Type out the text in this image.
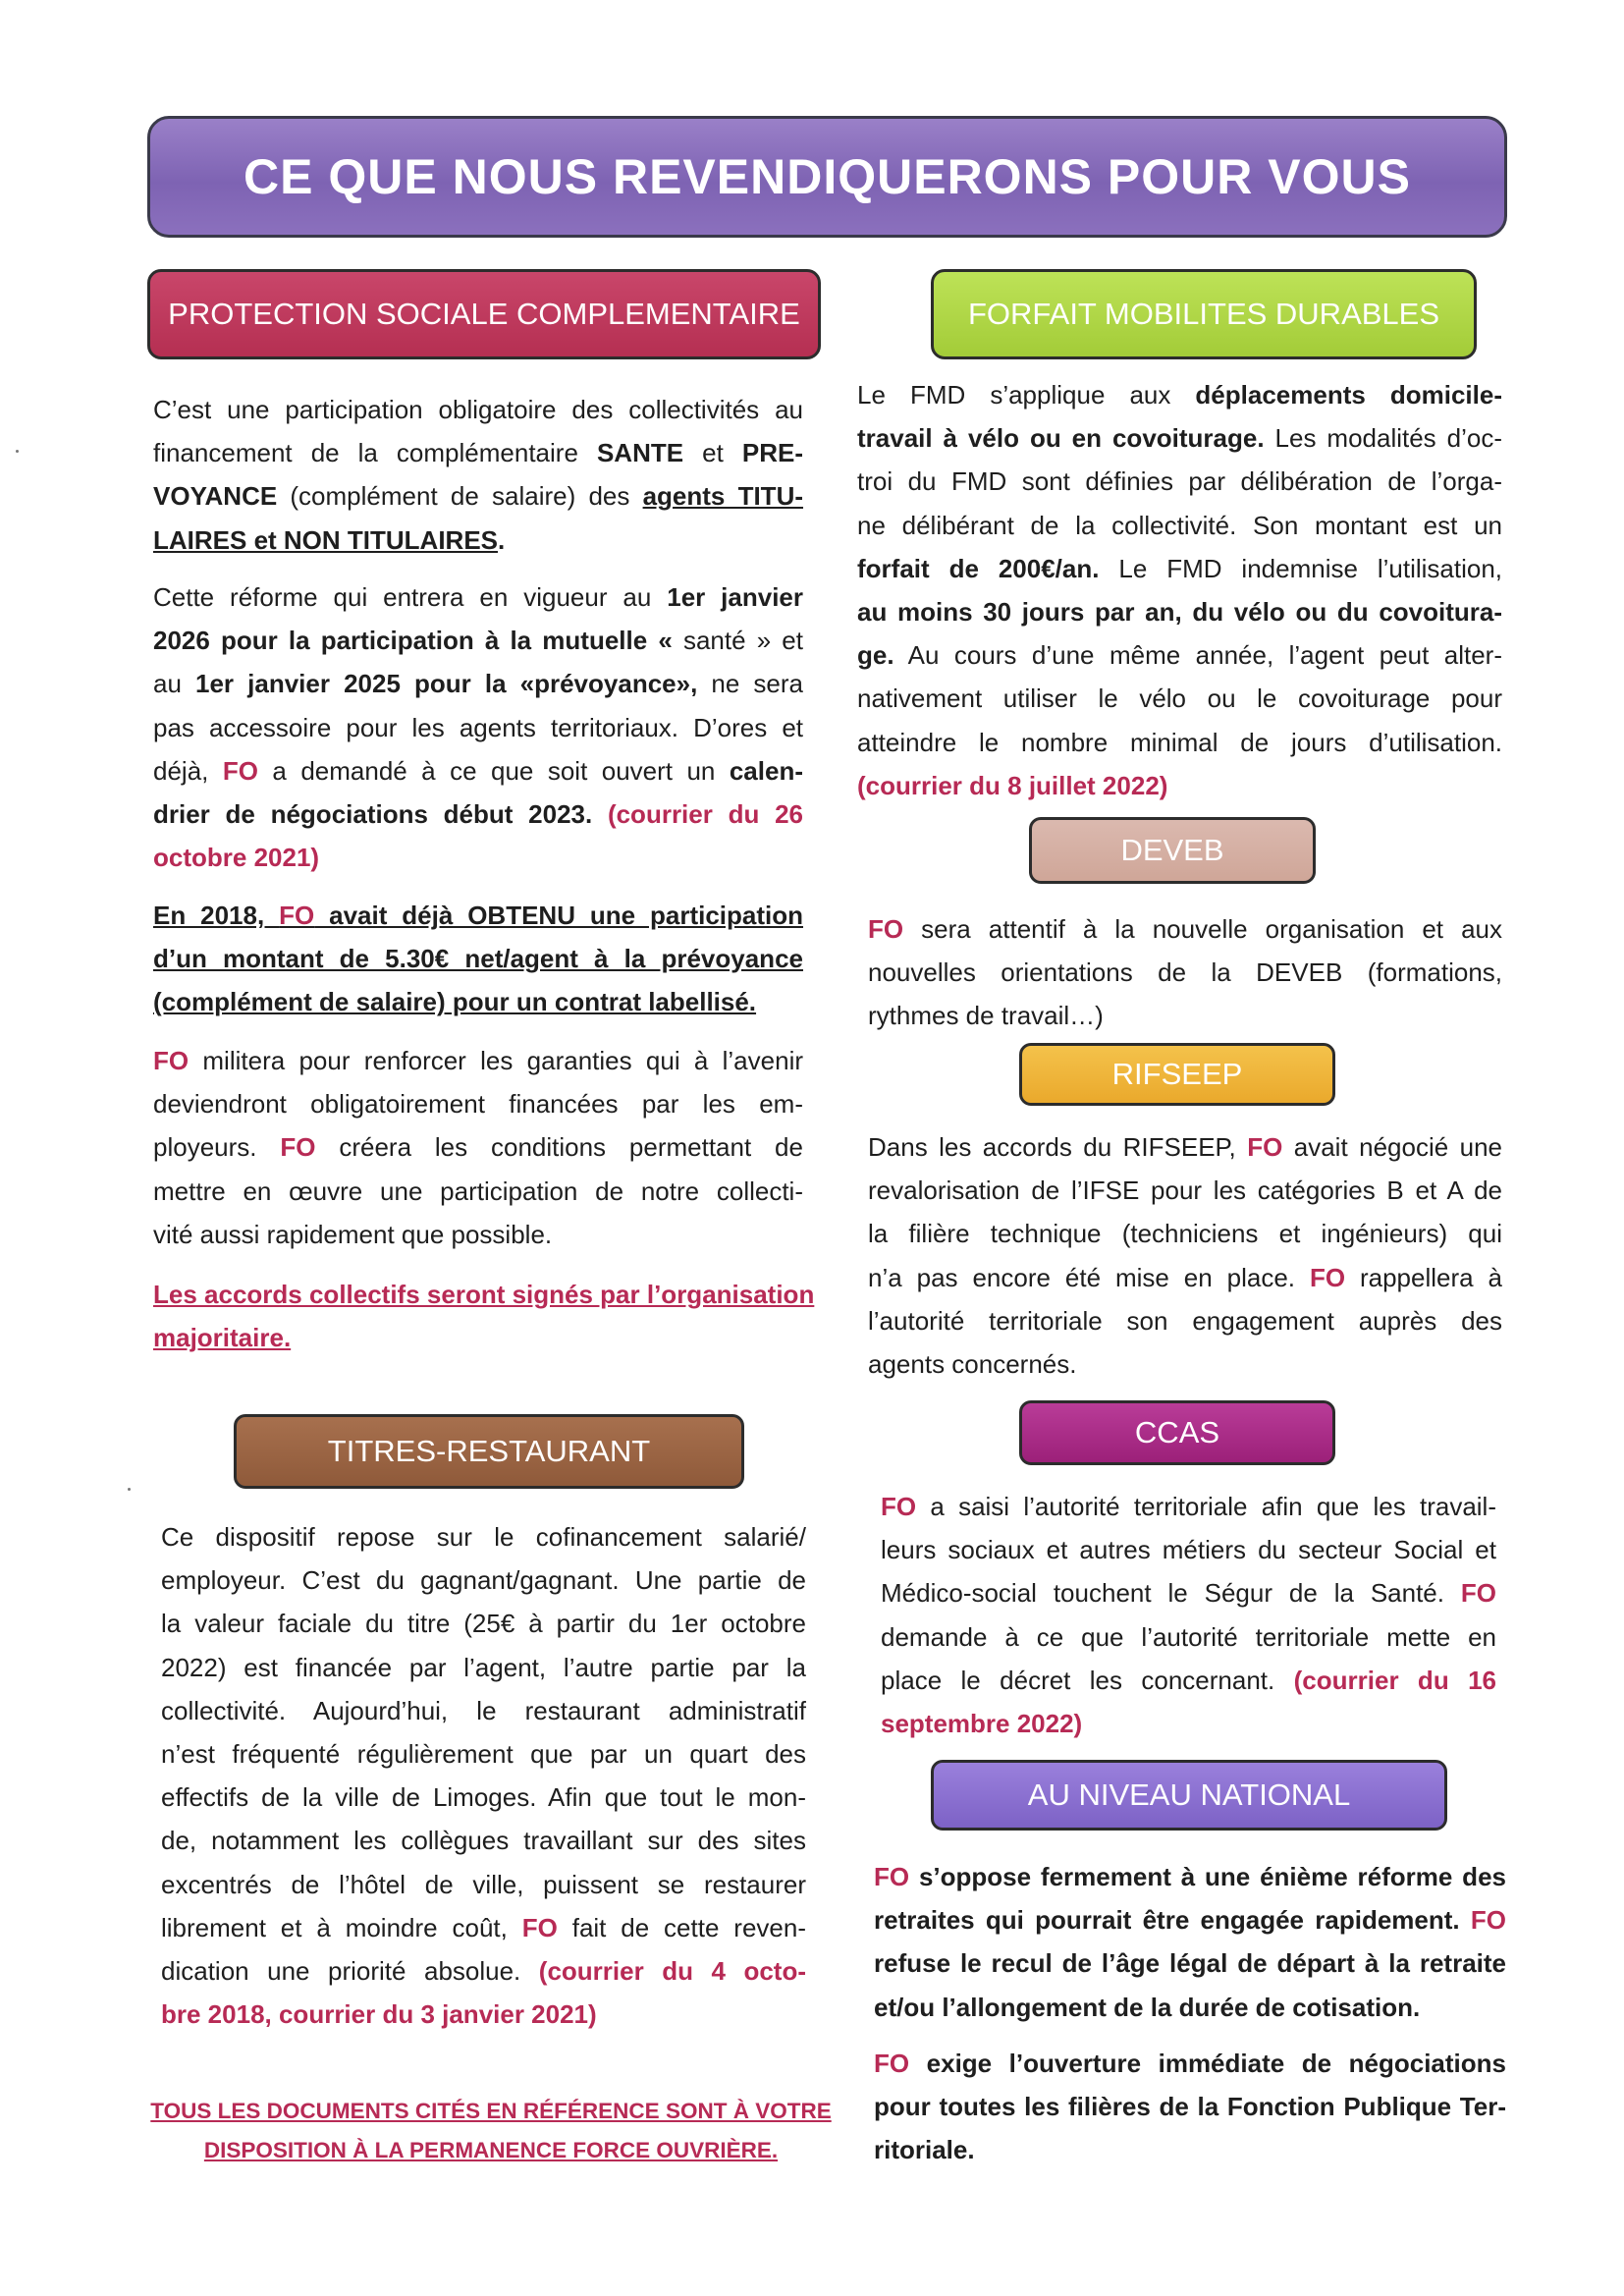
CE QUE NOUS REVENDIQUERONS POUR VOUS
PROTECTION SOCIALE COMPLEMENTAIRE
C’est une participation obligatoire des collectivités au
financement de la complémentaire SANTE et PRE-
VOYANCE (complément de salaire) des agents TITU-
LAIRES et NON TITULAIRES.
Cette réforme qui entrera en vigueur au 1er janvier
2026 pour la participation à la mutuelle « santé » et
au 1er janvier 2025 pour la «prévoyance», ne sera
pas accessoire pour les agents territoriaux. D’ores et
déjà, FO a demandé à ce que soit ouvert un calen-
drier de négociations début 2023. (courrier du 26
octobre 2021)
En 2018, FO avait déjà OBTENU une participation
d’un montant de 5.30€ net/agent à la prévoyance
(complément de salaire) pour un contrat labellisé.
FO militera pour renforcer les garanties qui à l’avenir
deviendront obligatoirement financées par les em-
ployeurs. FO créera les conditions permettant de
mettre en œuvre une participation de notre collecti-
vité aussi rapidement que possible.
Les accords collectifs seront signés par l’organisation
majoritaire.
TITRES-RESTAURANT
Ce dispositif repose sur le cofinancement salarié/
employeur. C’est du gagnant/gagnant. Une partie de
la valeur faciale du titre (25€ à partir du 1er octobre
2022) est financée par l’agent, l’autre partie par la
collectivité. Aujourd’hui, le restaurant administratif
n’est fréquenté régulièrement que par un quart des
effectifs de la ville de Limoges. Afin que tout le mon-
de, notamment les collègues travaillant sur des sites
excentrés de l’hôtel de ville, puissent se restaurer
librement et à moindre coût, FO fait de cette reven-
dication une priorité absolue. (courrier du 4 octo-
bre 2018, courrier du 3 janvier 2021)
TOUS LES DOCUMENTS CITÉS EN RÉFÉRENCE SONT À VOTRE
DISPOSITION À LA PERMANENCE FORCE OUVRIÈRE.
FORFAIT MOBILITES DURABLES
Le FMD s’applique aux déplacements domicile-
travail à vélo ou en covoiturage. Les modalités d’oc-
troi du FMD sont définies par délibération de l’orga-
ne délibérant de la collectivité. Son montant est un
forfait de 200€/an. Le FMD indemnise l’utilisation,
au moins 30 jours par an, du vélo ou du covoitura-
ge. Au cours d’une même année, l’agent peut alter-
nativement utiliser le vélo ou le covoiturage pour
atteindre le nombre minimal de jours d’utilisation.
(courrier du 8 juillet 2022)
DEVEB
FO sera attentif à la nouvelle organisation et aux
nouvelles orientations de la DEVEB (formations,
rythmes de travail…)
RIFSEEP
Dans les accords du RIFSEEP, FO avait négocié une
revalorisation de l’IFSE pour les catégories B et A de
la filière technique (techniciens et ingénieurs) qui
n’a pas encore été mise en place. FO rappellera à
l’autorité territoriale son engagement auprès des
agents concernés.
CCAS
FO a saisi l’autorité territoriale afin que les travail-
leurs sociaux et autres métiers du secteur Social et
Médico-social touchent le Ségur de la Santé. FO
demande à ce que l’autorité territoriale mette en
place le décret les concernant. (courrier du 16
septembre 2022)
AU NIVEAU NATIONAL
FO s’oppose fermement à une énième réforme des
retraites qui pourrait être engagée rapidement. FO
refuse le recul de l’âge légal de départ à la retraite
et/ou l’allongement de la durée de cotisation.
FO exige l’ouverture immédiate de négociations
pour toutes les filières de la Fonction Publique Ter-
ritoriale.
